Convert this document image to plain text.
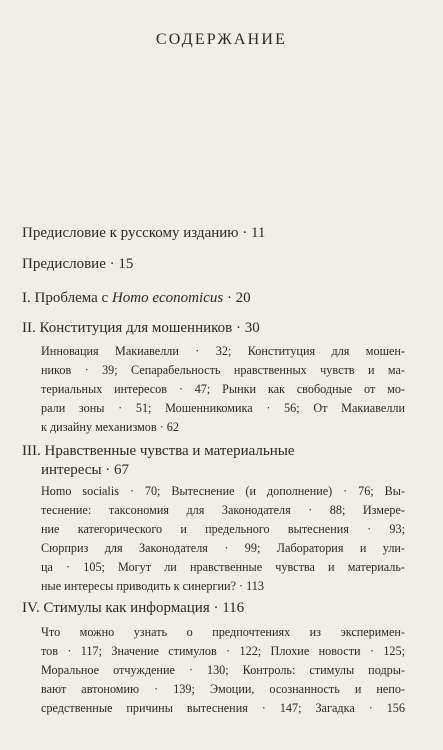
СОДЕРЖАНИЕ
Предисловие к русскому изданию · 11
Предисловие · 15
I. Проблема с Homo economicus · 20
II. Конституция для мошенников · 30
Инновация Макиавелли · 32; Конституция для мошен-
ников · 39; Сепарабельность нравственных чувств и ма-
териальных интересов · 47; Рынки как свободные от мо-
рали зоны · 51; Мошенникомика · 56; От Макиавелли
к дизайну механизмов · 62
III. Нравственные чувства и материальные
интересы · 67
Homo socialis · 70; Вытеснение (и дополнение) · 76; Вы-
теснение: таксономия для Законодателя · 88; Измере-
ние категорического и предельного вытеснения · 93;
Сюрприз для Законодателя · 99; Лаборатория и ули-
ца · 105; Могут ли нравственные чувства и материаль-
ные интересы приводить к синергии? · 113
IV. Стимулы как информация · 116
Что можно узнать о предпочтениях из эксперимен-
тов · 117; Значение стимулов · 122; Плохие новости · 125;
Моральное отчуждение · 130; Контроль: стимулы подры-
вают автономию · 139; Эмоции, осознанность и непо-
средственные причины вытеснения · 147; Загадка · 156
